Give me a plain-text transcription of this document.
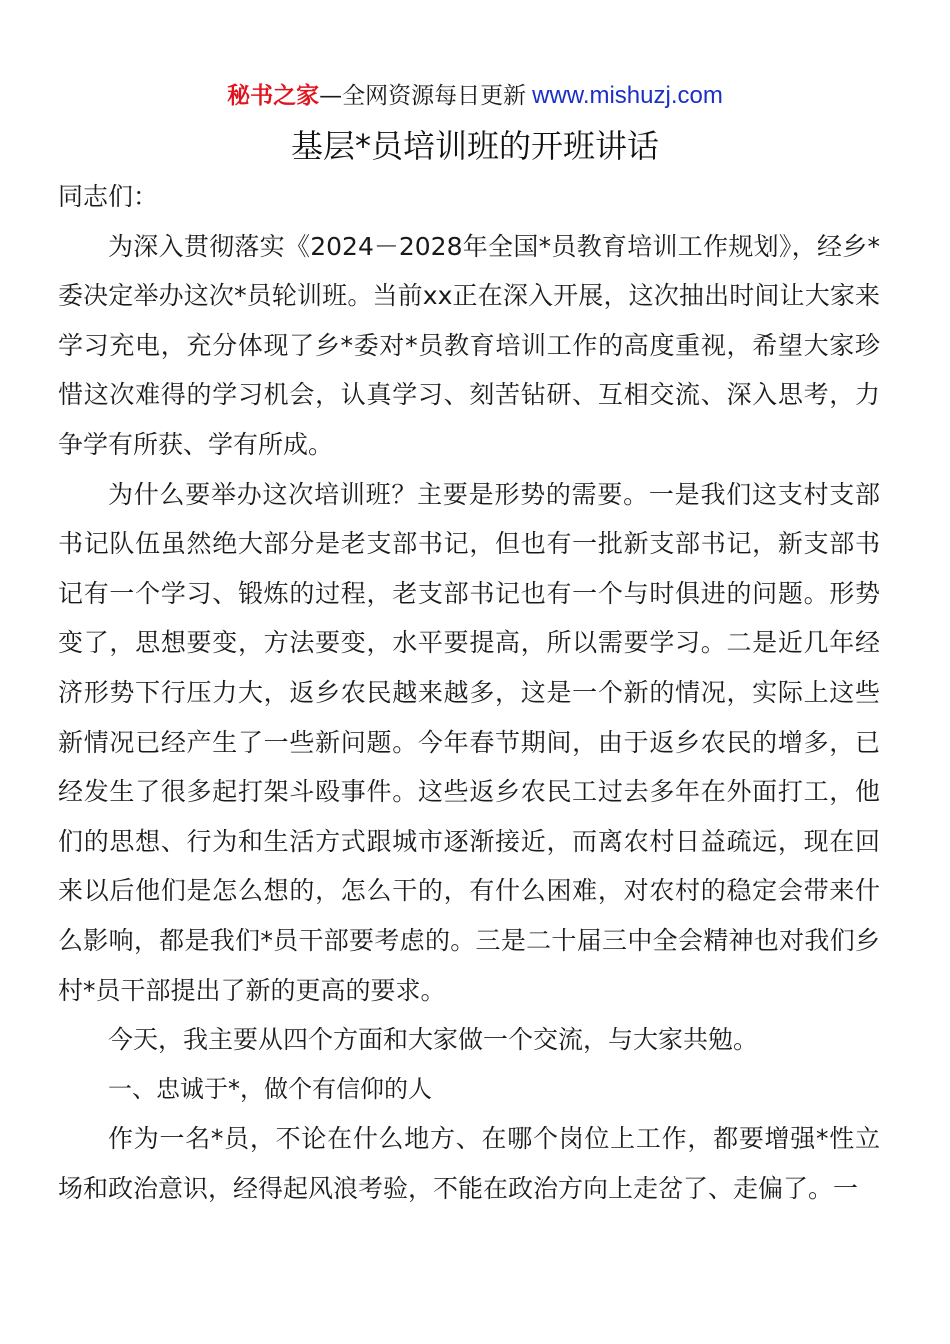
秘书之家—全网资源每日更新 www.mishuzj.com
基层*员培训班的开班讲话

同志们：

为深入贯彻落实《2024－2028年全国*员教育培训工作规划》，经乡*委决定举办这次*员轮训班。当前xx正在深入开展，这次抽出时间让大家来学习充电，充分体现了乡*委对*员教育培训工作的高度重视，希望大家珍惜这次难得的学习机会，认真学习、刻苦钻研、互相交流、深入思考，力争学有所获、学有所成。

为什么要举办这次培训班？主要是形势的需要。一是我们这支村支部书记队伍虽然绝大部分是老支部书记，但也有一批新支部书记，新支部书记有一个学习、锻炼的过程，老支部书记也有一个与时俱进的问题。形势变了，思想要变，方法要变，水平要提高，所以需要学习。二是近几年经济形势下行压力大，返乡农民越来越多，这是一个新的情况，实际上这些新情况已经产生了一些新问题。今年春节期间，由于返乡农民的增多，已经发生了很多起打架斗殴事件。这些返乡农民工过去多年在外面打工，他们的思想、行为和生活方式跟城市逐渐接近，而离农村日益疏远，现在回来以后他们是怎么想的，怎么干的，有什么困难，对农村的稳定会带来什么影响，都是我们*员干部要考虑的。三是二十届三中全会精神也对我们乡村*员干部提出了新的更高的要求。

今天，我主要从四个方面和大家做一个交流，与大家共勉。

一、忠诚于*，做个有信仰的人

作为一名*员，不论在什么地方、在哪个岗位上工作，都要增强*性立场和政治意识，经得起风浪考验，不能在政治方向上走岔了、走偏了。一
